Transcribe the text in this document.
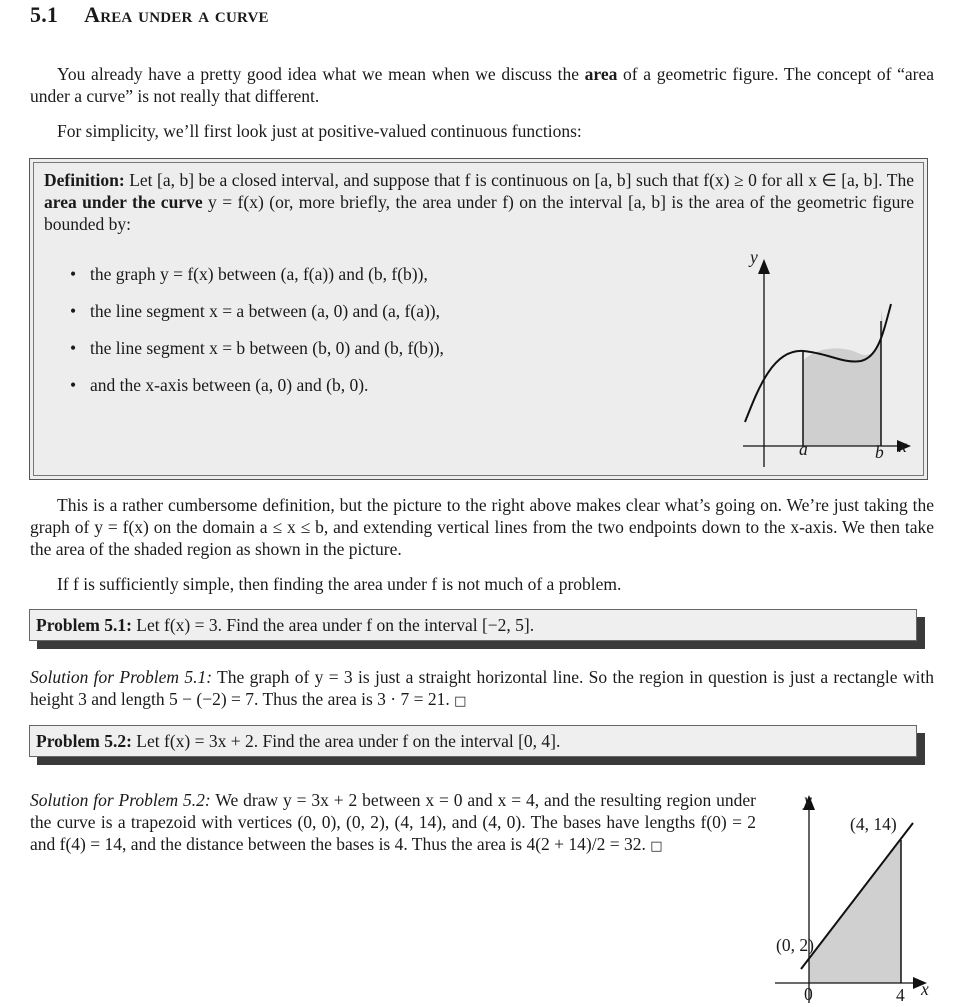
5.1 Area under a curve
You already have a pretty good idea what we mean when we discuss the area of a geometric figure. The concept of “area under a curve” is not really that different.
For simplicity, we’ll first look just at positive-valued continuous functions:
Definition: Let [a, b] be a closed interval, and suppose that f is continuous on [a, b] such that f(x) ≥ 0 for all x ∈ [a, b]. The area under the curve y = f(x) (or, more briefly, the area under f) on the interval [a, b] is the area of the geometric figure bounded by:
• the graph y = f(x) between (a, f(a)) and (b, f(b)),
• the line segment x = a between (a, 0) and (a, f(a)),
• the line segment x = b between (b, 0) and (b, f(b)),
• and the x-axis between (a, 0) and (b, 0).
y
x
a	b
This is a rather cumbersome definition, but the picture to the right above makes clear what’s going on. We’re just taking the graph of y = f(x) on the domain a ≤ x ≤ b, and extending vertical lines from the two endpoints down to the x-axis. We then take the area of the shaded region as shown in the picture.
If f is sufficiently simple, then finding the area under f is not much of a problem.
Problem 5.1: Let f(x) = 3. Find the area under f on the interval [−2, 5].
Solution for Problem 5.1: The graph of y = 3 is just a straight horizontal line. So the region in question is just a rectangle with height 3 and length 5 − (−2) = 7. Thus the area is 3 · 7 = 21. □
Problem 5.2: Let f(x) = 3x + 2. Find the area under f on the interval [0, 4].
Solution for Problem 5.2: We draw y = 3x + 2 between x = 0 and x = 4, and the resulting region under the curve is a trapezoid with vertices (0, 0), (0, 2), (4, 14), and (4, 0). The bases have lengths f(0) = 2 and f(4) = 14, and the distance between the bases is 4. Thus the area is 4(2 + 14)/2 = 32. □
y
(4, 14)
(0, 2)
0	4 x
